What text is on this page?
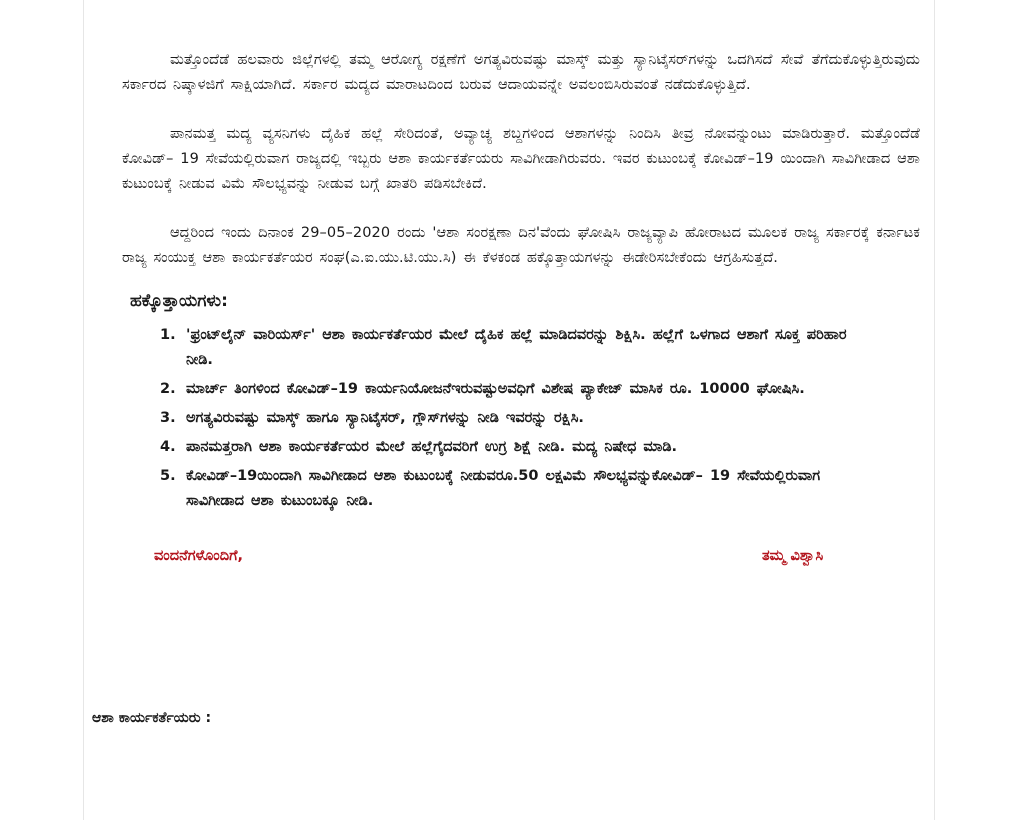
ಮತ್ತೊಂದೆಡೆ ಹಲವಾರು ಜಿಲ್ಲೆಗಳಲ್ಲಿ ತಮ್ಮ ಆರೋಗ್ಯ ರಕ್ಷಣೆಗೆ ಅಗತ್ಯವಿರುವಷ್ಟು ಮಾಸ್ಕ್ ಮತ್ತು ಸ್ಯಾನಿಟೈಸರ್‌ಗಳನ್ನು ಒದಗಿಸದೆ ಸೇವೆ ತೆಗೆದುಕೊಳ್ಳುತ್ತಿರುವುದು ಸರ್ಕಾರದ ನಿಷ್ಕಾಳಜಿಗೆ ಸಾಕ್ಷಿಯಾಗಿದೆ. ಸರ್ಕಾರ ಮದ್ಯದ ಮಾರಾಟದಿಂದ ಬರುವ ಆದಾಯವನ್ನೇ ಅವಲಂಬಿಸಿರುವಂತೆ ನಡೆದುಕೊಳ್ಳುತ್ತಿದೆ.

ಪಾನಮತ್ತ ಮದ್ಯ ವ್ಯಸನಿಗಳು ದೈಹಿಕ ಹಲ್ಲೆ ಸೇರಿದಂತೆ, ಅವ್ಯಾಚ್ಯ ಶಬ್ದಗಳಿಂದ ಆಶಾಗಳನ್ನು ನಿಂದಿಸಿ ತೀವ್ರ ನೋವನ್ನುಂಟು ಮಾಡಿರುತ್ತಾರೆ. ಮತ್ತೊಂದೆಡೆ ಕೋವಿಡ್– 19 ಸೇವೆಯಲ್ಲಿರುವಾಗ ರಾಜ್ಯದಲ್ಲಿ ಇಬ್ಬರು ಆಶಾ ಕಾರ್ಯಕರ್ತೆಯರು ಸಾವಿಗೀಡಾಗಿರುವರು. ಇವರ ಕುಟುಂಬಕ್ಕೆ ಕೋವಿಡ್–19 ಯಿಂದಾಗಿ ಸಾವಿಗೀಡಾದ ಆಶಾ ಕುಟುಂಬಕ್ಕೆ ನೀಡುವ ವಿಮೆ ಸೌಲಭ್ಯವನ್ನು ನೀಡುವ ಬಗ್ಗೆ ಖಾತರಿ ಪಡಿಸಬೇಕಿದೆ.

ಆದ್ದರಿಂದ ಇಂದು ದಿನಾಂಕ 29–05–2020 ರಂದು 'ಆಶಾ ಸಂರಕ್ಷಣಾ ದಿನ'ವೆಂದು ಘೋಷಿಸಿ ರಾಜ್ಯವ್ಯಾಪಿ ಹೋರಾಟದ ಮೂಲಕ ರಾಜ್ಯ ಸರ್ಕಾರಕ್ಕೆ ಕರ್ನಾಟಕ ರಾಜ್ಯ ಸಂಯುಕ್ತ ಆಶಾ ಕಾರ್ಯಕರ್ತೆಯರ ಸಂಘ(ಎ.ಐ.ಯು.ಟಿ.ಯು.ಸಿ) ಈ ಕೆಳಕಂಡ ಹಕ್ಕೊತ್ತಾಯಗಳನ್ನು ಈಡೇರಿಸಬೇಕೆಂದು ಆಗ್ರಹಿಸುತ್ತದೆ.

ಹಕ್ಕೊತ್ತಾಯಗಳು:
1. 'ಫ್ರಂಟ್‌ಲೈನ್ ವಾರಿಯರ್ಸ್' ಆಶಾ ಕಾರ್ಯಕರ್ತೆಯರ ಮೇಲೆ ದೈಹಿಕ ಹಲ್ಲೆ ಮಾಡಿದವರನ್ನು ಶಿಕ್ಷಿಸಿ. ಹಲ್ಲೆಗೆ ಒಳಗಾದ ಆಶಾಗೆ ಸೂಕ್ತ ಪರಿಹಾರ ನೀಡಿ.
2. ಮಾರ್ಚ್ ತಿಂಗಳಿಂದ ಕೋವಿಡ್–19 ಕಾರ್ಯನಿಯೋಜನೆಇರುವಷ್ಟುಅವಧಿಗೆ ವಿಶೇಷ ಪ್ಯಾಕೇಜ್ ಮಾಸಿಕ ರೂ. 10000 ಘೋಷಿಸಿ.
3. ಅಗತ್ಯವಿರುವಷ್ಟು ಮಾಸ್ಕ್ ಹಾಗೂ ಸ್ಯಾನಿಟೈಸರ್, ಗ್ಲೌಸ್‌ಗಳನ್ನು ನೀಡಿ ಇವರನ್ನು ರಕ್ಷಿಸಿ.
4. ಪಾನಮತ್ತರಾಗಿ ಆಶಾ ಕಾರ್ಯಕರ್ತೆಯರ ಮೇಲೆ ಹಲ್ಲೆಗೈದವರಿಗೆ ಉಗ್ರ ಶಿಕ್ಷೆ ನೀಡಿ. ಮದ್ಯ ನಿಷೇಧ ಮಾಡಿ.
5. ಕೋವಿಡ್–19ಯಿಂದಾಗಿ ಸಾವಿಗೀಡಾದ ಆಶಾ ಕುಟುಂಬಕ್ಕೆ ನೀಡುವರೂ.50 ಲಕ್ಷವಿಮೆ ಸೌಲಭ್ಯವನ್ನುಕೋವಿಡ್– 19 ಸೇವೆಯಲ್ಲಿರುವಾಗ ಸಾವಿಗೀಡಾದ ಆಶಾ ಕುಟುಂಬಕ್ಕೂ ನೀಡಿ.
ವಂದನೆಗಳೊಂದಿಗೆ,	ತಮ್ಮ ವಿಶ್ವಾಸಿ
ಆಶಾ ಕಾರ್ಯಕರ್ತೆಯರು :
